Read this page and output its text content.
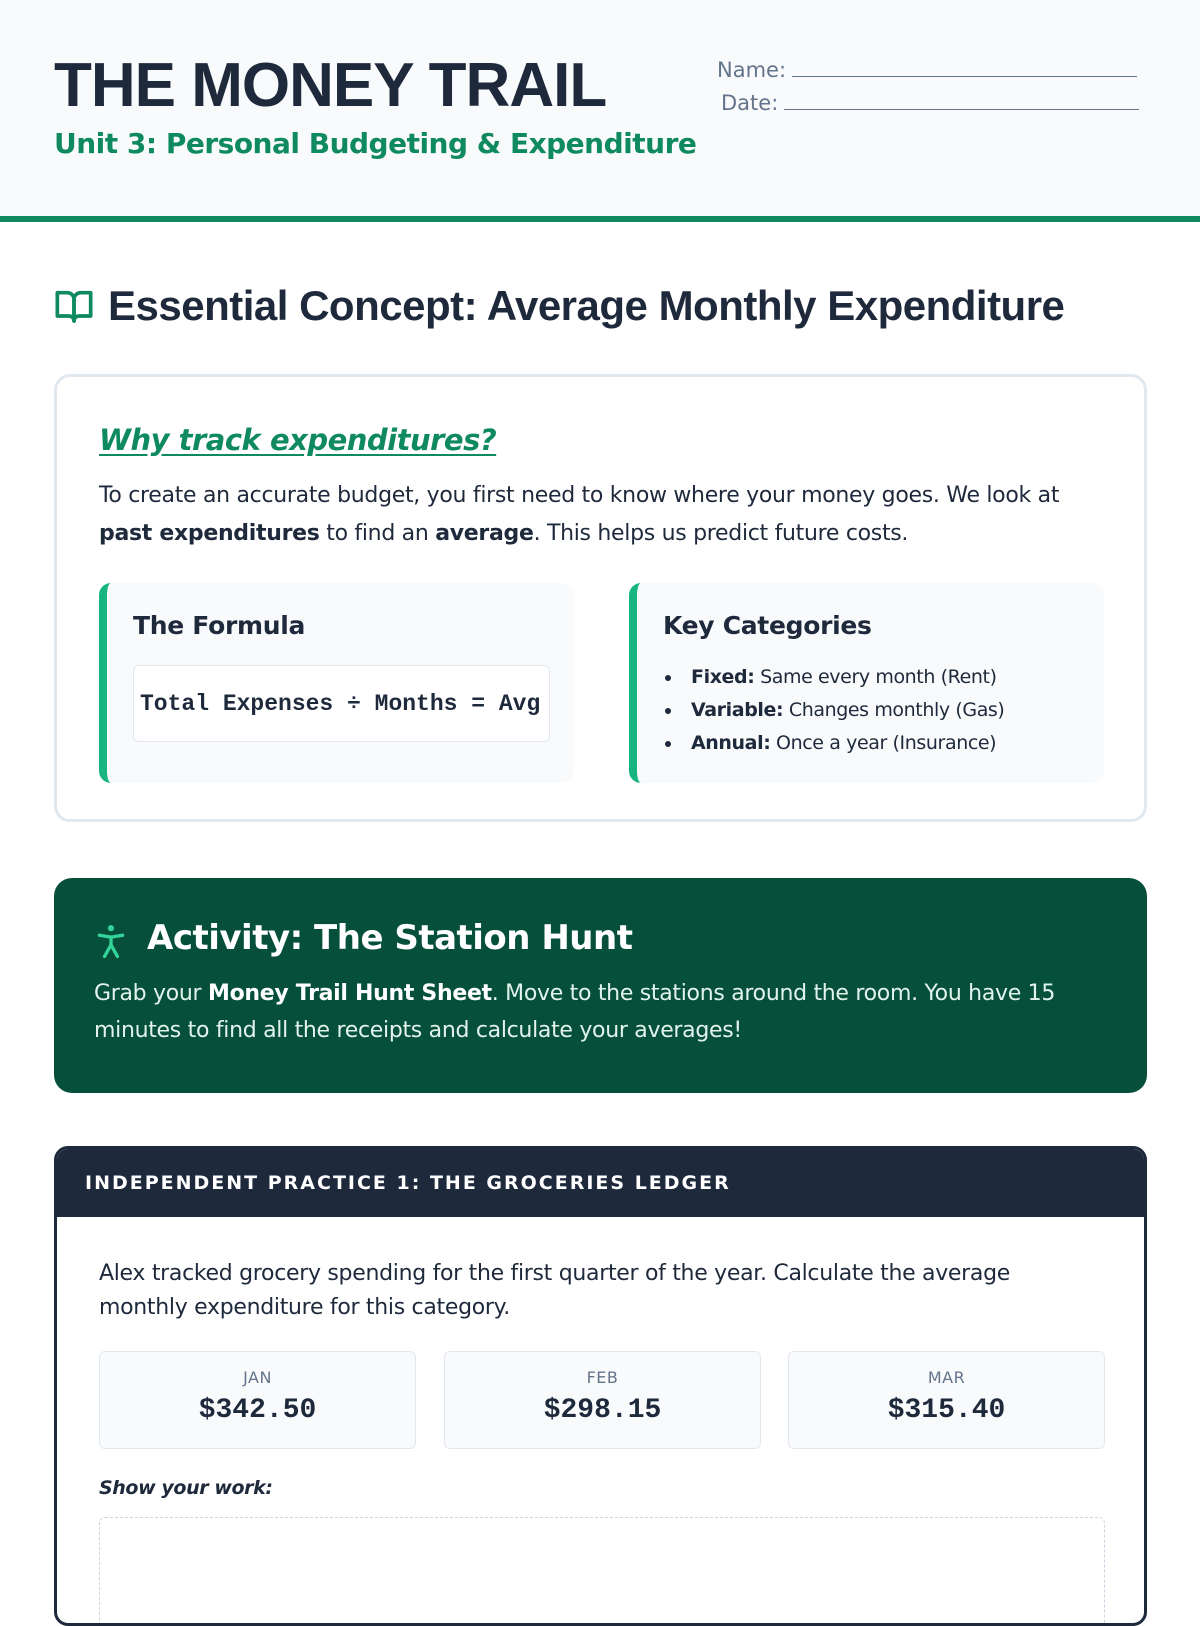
THE MONEY TRAIL
Unit 3: Personal Budgeting & Expenditure
Name:
Date:
Essential Concept: Average Monthly Expenditure
Why track expenditures?
To create an accurate budget, you first need to know where your money goes. We look at past expenditures to find an average. This helps us predict future costs.
The Formula
Total Expenses ÷ Months = Avg
Key Categories
Fixed: Same every month (Rent)
Variable: Changes monthly (Gas)
Annual: Once a year (Insurance)
Activity: The Station Hunt

Grab your Money Trail Hunt Sheet. Move to the stations around the room. You have 15 minutes to find all the receipts and calculate your averages!

INDEPENDENT PRACTICE 1: THE GROCERIES LEDGER
Alex tracked grocery spending for the first quarter of the year. Calculate the average monthly expenditure for this category.
JAN
$342.50
FEB
$298.15
MAR
$315.40
Show your work:
